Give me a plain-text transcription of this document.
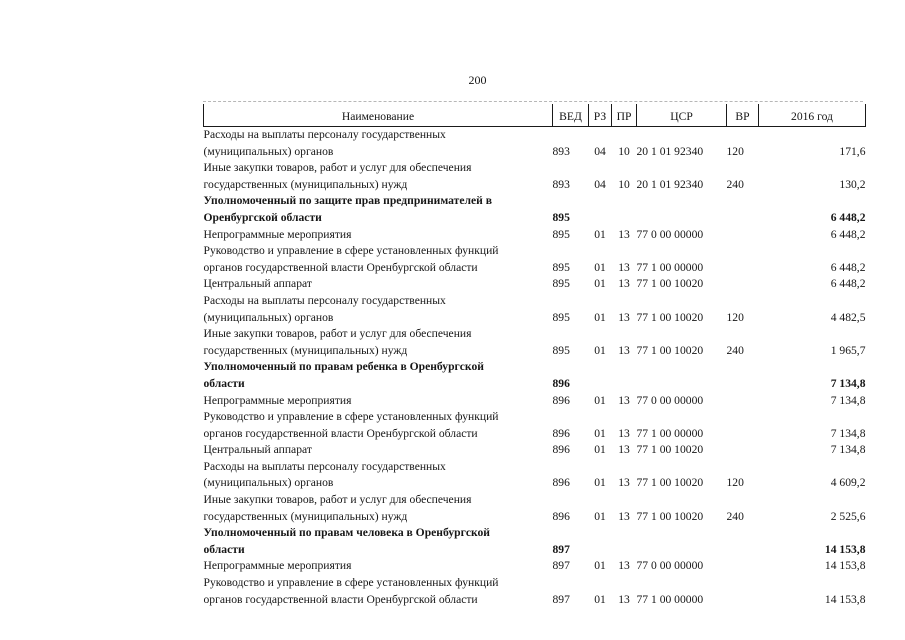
200
Наименование	ВЕД	РЗ	ПР	ЦСР	ВР	2016 год

Расходы на выплаты персоналу государственных
(муниципальных) органов	893	04	10	20 1 01 92340	120	171,6

Иные закупки товаров, работ и услуг для обеспечения
государственных (муниципальных) нужд	893	04	10	20 1 01 92340	240	130,2

Уполномоченный по защите прав предпринимателей в
Оренбургской области	895					6 448,2

Непрограммные мероприятия	895	01	13	77 0 00 00000		6 448,2

Руководство и управление в сфере установленных функций
органов государственной власти Оренбургской области	895	01	13	77 1 00 00000		6 448,2

Центральный аппарат	895	01	13	77 1 00 10020		6 448,2

Расходы на выплаты персоналу государственных
(муниципальных) органов	895	01	13	77 1 00 10020	120	4 482,5

Иные закупки товаров, работ и услуг для обеспечения
государственных (муниципальных) нужд	895	01	13	77 1 00 10020	240	1 965,7

Уполномоченный по правам ребенка в Оренбургской
области	896					7 134,8

Непрограммные мероприятия	896	01	13	77 0 00 00000		7 134,8

Руководство и управление в сфере установленных функций
органов государственной власти Оренбургской области	896	01	13	77 1 00 00000		7 134,8

Центральный аппарат	896	01	13	77 1 00 10020		7 134,8

Расходы на выплаты персоналу государственных
(муниципальных) органов	896	01	13	77 1 00 10020	120	4 609,2

Иные закупки товаров, работ и услуг для обеспечения
государственных (муниципальных) нужд	896	01	13	77 1 00 10020	240	2 525,6

Уполномоченный по правам человека в Оренбургской
области	897					14 153,8

Непрограммные мероприятия	897	01	13	77 0 00 00000		14 153,8

Руководство и управление в сфере установленных функций
органов государственной власти Оренбургской области	897	01	13	77 1 00 00000		14 153,8
